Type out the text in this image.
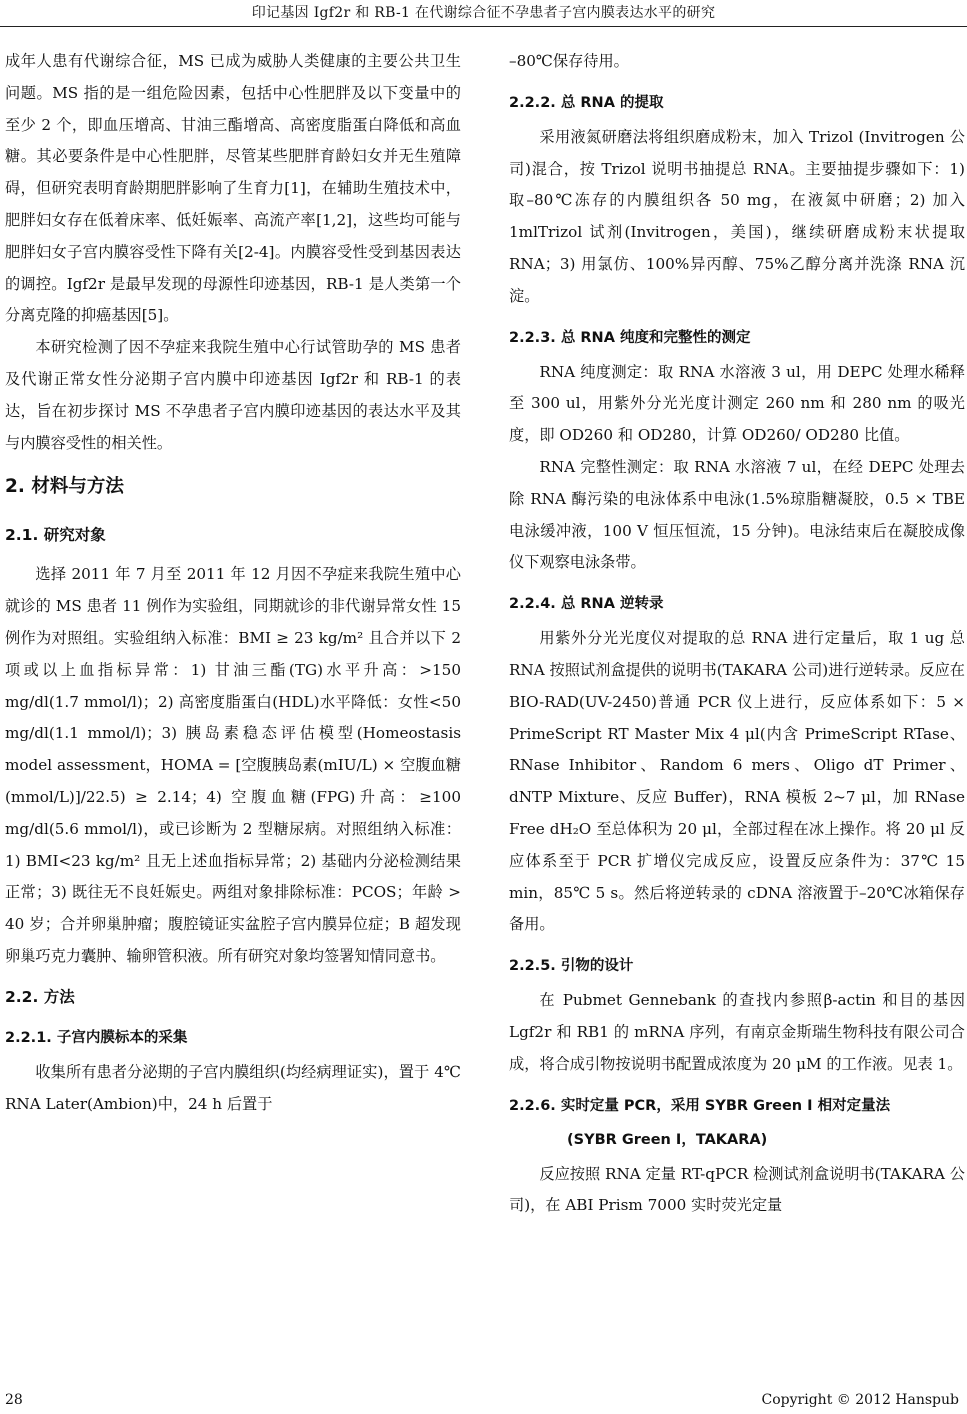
印记基因 Igf2r 和 RB-1 在代谢综合征不孕患者子宫内膜表达水平的研究

成年人患有代谢综合征，MS 已成为威胁人类健康的主要公共卫生问题。MS 指的是一组危险因素，包括中心性肥胖及以下变量中的至少 2 个，即血压增高、甘油三酯增高、高密度脂蛋白降低和高血糖。其必要条件是中心性肥胖，尽管某些肥胖育龄妇女并无生殖障碍，但研究表明育龄期肥胖影响了生育力[1]，在辅助生殖技术中，肥胖妇女存在低着床率、低妊娠率、高流产率[1,2]，这些均可能与肥胖妇女子宫内膜容受性下降有关[2-4]。内膜容受性受到基因表达的调控。Igf2r 是最早发现的母源性印迹基因，RB-1 是人类第一个分离克隆的抑癌基因[5]。

本研究检测了因不孕症来我院生殖中心行试管助孕的 MS 患者及代谢正常女性分泌期子宫内膜中印迹基因 Igf2r 和 RB-1 的表达，旨在初步探讨 MS 不孕患者子宫内膜印迹基因的表达水平及其与内膜容受性的相关性。

2. 材料与方法
2.1. 研究对象

选择 2011 年 7 月至 2011 年 12 月因不孕症来我院生殖中心就诊的 MS 患者 11 例作为实验组，同期就诊的非代谢异常女性 15 例作为对照组。实验组纳入标准：BMI ≥ 23 kg/m² 且合并以下 2 项或以上血指标异常：1) 甘油三酯(TG)水平升高：>150 mg/dl(1.7 mmol/l)；2) 高密度脂蛋白(HDL)水平降低：女性<50 mg/dl(1.1 mmol/l)；3) 胰岛素稳态评估模型(Homeostasis model assessment，HOMA = [空腹胰岛素(mIU/L) × 空腹血糖(mmol/L)]/22.5) ≥ 2.14；4) 空腹血糖(FPG)升高：≥100 mg/dl(5.6 mmol/l)，或已诊断为 2 型糖尿病。对照组纳入标准：1) BMI<23 kg/m² 且无上述血指标异常；2) 基础内分泌检测结果正常；3) 既往无不良妊娠史。两组对象排除标准：PCOS；年龄 > 40 岁；合并卵巢肿瘤；腹腔镜证实盆腔子宫内膜异位症；B 超发现卵巢巧克力囊肿、输卵管积液。所有研究对象均签署知情同意书。

2.2. 方法
2.2.1. 子宫内膜标本的采集

收集所有患者分泌期的子宫内膜组织(均经病理证实)，置于 4℃ RNA Later(Ambion)中，24 h 后置于

–80℃保存待用。

2.2.2. 总 RNA 的提取

采用液氮研磨法将组织磨成粉末，加入 Trizol (Invitrogen 公司)混合，按 Trizol 说明书抽提总 RNA。主要抽提步骤如下：1) 取–80℃冻存的内膜组织各 50 mg，在液氮中研磨；2) 加入 1mlTrizol 试剂(Invitrogen，美国)，继续研磨成粉末状提取 RNA；3) 用氯仿、100%异丙醇、75%乙醇分离并洗涤 RNA 沉淀。

2.2.3. 总 RNA 纯度和完整性的测定

RNA 纯度测定：取 RNA 水溶液 3 ul，用 DEPC 处理水稀释至 300 ul，用紫外分光光度计测定 260 nm 和 280 nm 的吸光度，即 OD260 和 OD280，计算 OD260/ OD280 比值。

RNA 完整性测定：取 RNA 水溶液 7 ul，在经 DEPC 处理去除 RNA 酶污染的电泳体系中电泳(1.5%琼脂糖凝胶，0.5 × TBE 电泳缓冲液，100 V 恒压恒流，15 分钟)。电泳结束后在凝胶成像仪下观察电泳条带。

2.2.4. 总 RNA 逆转录

用紫外分光光度仪对提取的总 RNA 进行定量后，取 1 ug 总 RNA 按照试剂盒提供的说明书(TAKARA 公司)进行逆转录。反应在 BIO-RAD(UV-2450)普通 PCR 仪上进行，反应体系如下：5 × PrimeScript RT Master Mix 4 μl(内含 PrimeScript RTase、RNase Inhibitor、Random 6 mers、Oligo dT Primer、dNTP Mixture、反应 Buffer)，RNA 模板 2~7 μl，加 RNase Free dH₂O 至总体积为 20 μl，全部过程在冰上操作。将 20 μl 反应体系至于 PCR 扩增仪完成反应，设置反应条件为：37℃ 15 min，85℃ 5 s。然后将逆转录的 cDNA 溶液置于–20℃冰箱保存备用。

2.2.5. 引物的设计

在 Pubmet Gennebank 的查找内参照β-actin 和目的基因 Lgf2r 和 RB1 的 mRNA 序列，有南京金斯瑞生物科技有限公司合成，将合成引物按说明书配置成浓度为 20 μM 的工作液。见表 1。

2.2.6. 实时定量 PCR，采用 SYBR Green I 相对定量法
(SYBR Green I，TAKARA)

反应按照 RNA 定量 RT-qPCR 检测试剂盒说明书(TAKARA 公司)，在 ABI Prism 7000 实时荧光定量

28	Copyright © 2012 Hanspub
